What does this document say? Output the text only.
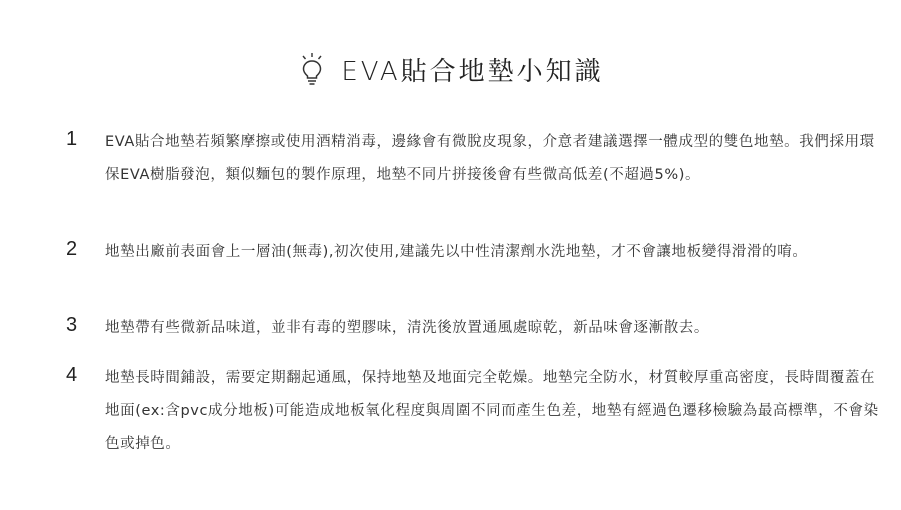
EVA貼合地墊小知識
1 EVA貼合地墊若頻繁摩擦或使用酒精消毒，邊緣會有微脫皮現象，介意者建議選擇一體成型的雙色地墊。我們採用環保EVA樹脂發泡，類似麵包的製作原理，地墊不同片拼接後會有些微高低差(不超過5%)。

2 地墊出廠前表面會上一層油(無毒),初次使用,建議先以中性清潔劑水洗地墊，才不會讓地板變得滑滑的唷。

3 地墊帶有些微新品味道，並非有毒的塑膠味，清洗後放置通風處晾乾，新品味會逐漸散去。

4 地墊長時間鋪設，需要定期翻起通風，保持地墊及地面完全乾燥。地墊完全防水，材質較厚重高密度，長時間覆蓋在地面(ex:含pvc成分地板)可能造成地板氧化程度與周圍不同而產生色差，地墊有經過色遷移檢驗為最高標準，不會染色或掉色。
